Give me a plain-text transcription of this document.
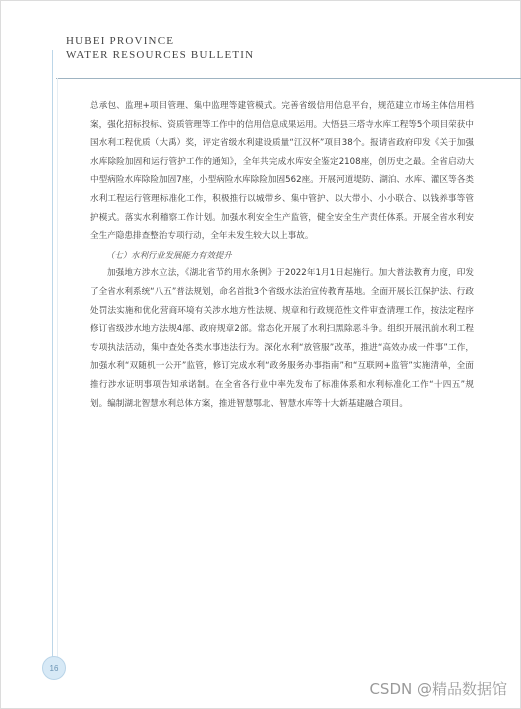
HUBEI PROVINCE
WATER RESOURCES BULLETIN

总承包、监理+项目管理、集中监理等建管模式。完善省级信用信息平台，规范建立市场主体信用档案，强化招标投标、资质管理等工作中的信用信息成果运用。大悟县三塔寺水库工程等5个项目荣获中国水利工程优质（大禹）奖，评定省级水利建设质量“江汉杯”项目38个。报请省政府印发《关于加强水库除险加固和运行管护工作的通知》，全年共完成水库安全鉴定2108座，创历史之最。全省启动大中型病险水库除险加固7座，小型病险水库除险加固562座。开展河道堤防、湖泊、水库、灌区等各类水利工程运行管理标准化工作，积极推行以城带乡、集中管护、以大带小、小小联合、以钱养事等管护模式。落实水利稽察工作计划。加强水利安全生产监管，健全安全生产责任体系。开展全省水利安全生产隐患排查整治专项行动，全年未发生较大以上事故。

（七）水利行业发展能力有效提升

加强地方涉水立法，《湖北省节约用水条例》于2022年1月1日起施行。加大普法教育力度，印发了全省水利系统“八五”普法规划，命名首批3个省级水法治宣传教育基地。全面开展长江保护法、行政处罚法实施和优化营商环境有关涉水地方性法规、规章和行政规范性文件审查清理工作，按法定程序修订省级涉水地方法规4部、政府规章2部。常态化开展了水利扫黑除恶斗争。组织开展汛前水利工程专项执法活动，集中查处各类水事违法行为。深化水利“放管服”改革，推进“高效办成一件事”工作，加强水利“双随机一公开”监管，修订完成水利“政务服务办事指南”和“互联网+监管”实施清单，全面推行涉水证明事项告知承诺制。在全省各行业中率先发布了标准体系和水利标准化工作“十四五”规划。编制湖北智慧水利总体方案，推进智慧鄂北、智慧水库等十大新基建融合项目。

16
CSDN @精品数据馆
